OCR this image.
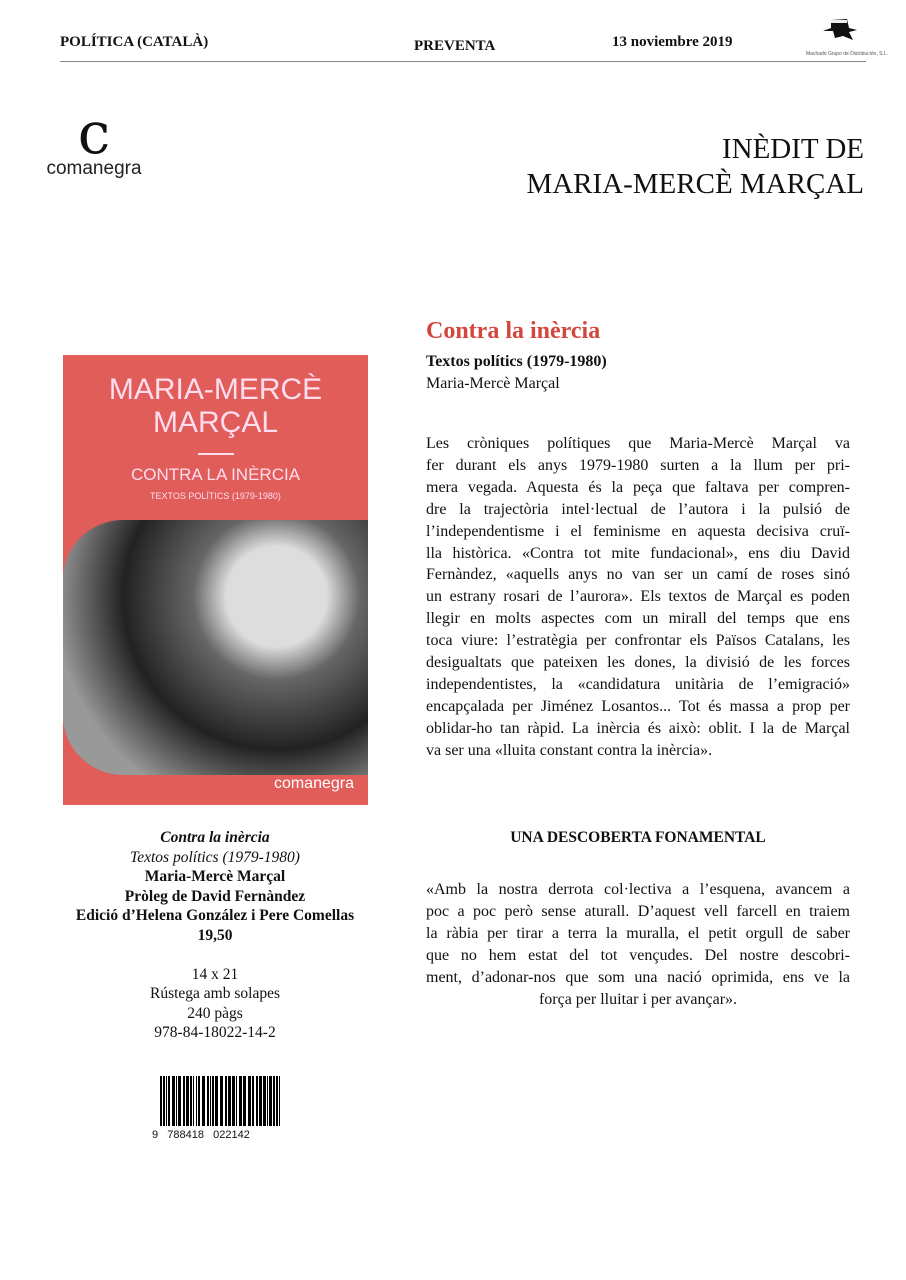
POLÍTICA (CATALÀ)	PREVENTA	13 noviembre 2019
Machado Grupo de Distribución, S.L.
c
comanegra
INÈDIT DE
MARIA-MERCÈ MARÇAL
MARIA-MERCÈ
MARÇAL
CONTRA LA INÈRCIA
TEXTOS POLÍTICS (1979-1980)
comanegra
Contra la inèrcia
Textos polítics (1979-1980)
Maria-Mercè Marçal
Les cròniques polítiques que Maria-Mercè Marçal va
fer durant els anys 1979-1980 surten a la llum per pri-
mera vegada. Aquesta és la peça que faltava per compren-
dre la trajectòria intel·lectual de l’autora i la pulsió de
l’independentisme i el feminisme en aquesta decisiva cruï-
lla històrica. «Contra tot mite fundacional», ens diu David
Fernàndez, «aquells anys no van ser un camí de roses sinó
un estrany rosari de l’aurora». Els textos de Marçal es poden
llegir en molts aspectes com un mirall del temps que ens
toca viure: l’estratègia per confrontar els Països Catalans, les
desigualtats que pateixen les dones, la divisió de les forces
independentistes, la «candidatura unitària de l’emigració»
encapçalada per Jiménez Losantos... Tot és massa a prop per
oblidar-ho tan ràpid. La inèrcia és això: oblit. I la de Marçal
va ser una «lluita constant contra la inèrcia».
UNA DESCOBERTA FONAMENTAL
«Amb la nostra derrota col·lectiva a l’esquena, avancem a
poc a poc però sense aturall. D’aquest vell farcell en traiem
la ràbia per tirar a terra la muralla, el petit orgull de saber
que no hem estat del tot vençudes. Del nostre descobri-
ment, d’adonar-nos que som una nació oprimida, ens ve la
força per lluitar i per avançar».
Contra la inèrcia
Textos polítics (1979-1980)
Maria-Mercè Marçal
Pròleg de David Fernàndez
Edició d’Helena González i Pere Comellas
19,50
14 x 21
Rústega amb solapes
240 pàgs
978-84-18022-14-2
9   788418   022142
